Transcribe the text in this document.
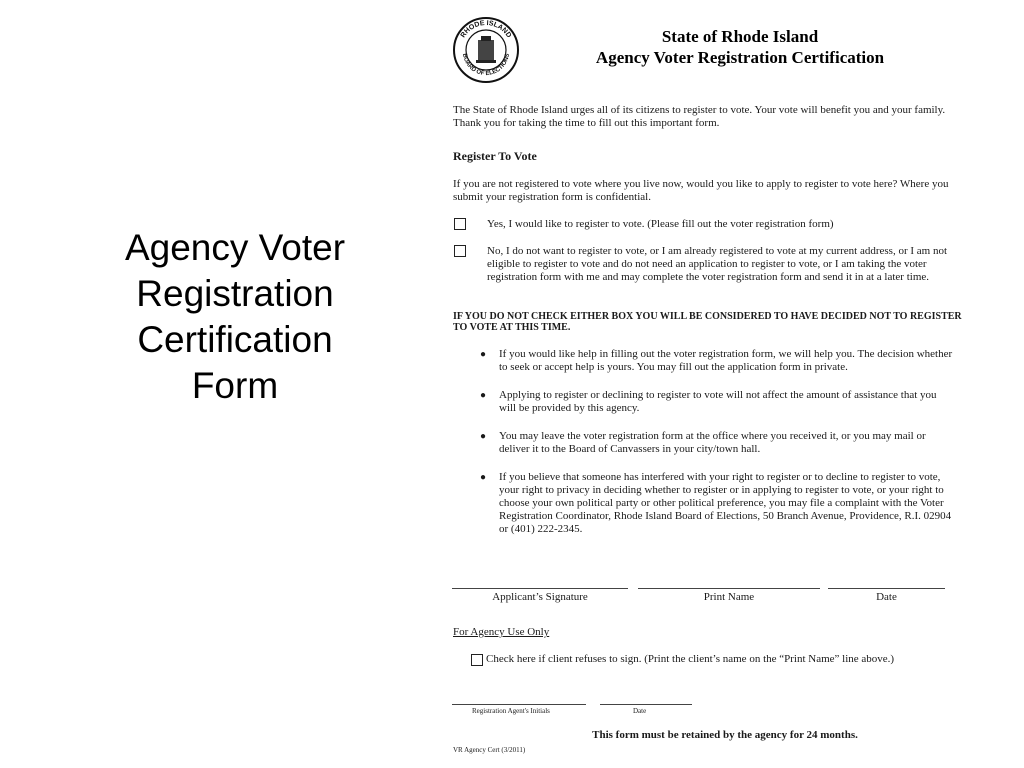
Agency Voter
Registration
Certification
Form
RHODE ISLAND
BOARD OF ELECTIONS
State of Rhode Island
Agency Voter Registration Certification
The State of Rhode Island urges all of its citizens to register to vote. Your vote will benefit you and your family. Thank you for taking the time to fill out this important form.
Register To Vote
If you are not registered to vote where you live now, would you like to apply to register to vote here? Where you submit your registration form is confidential.
Yes, I would like to register to vote. (Please fill out the voter registration form)
No, I do not want to register to vote, or I am already registered to vote at my current address, or I am not eligible to register to vote and do not need an application to register to vote, or I am taking the voter registration form with me and may complete the voter registration form and send it in at a later time.
IF YOU DO NOT CHECK EITHER BOX YOU WILL BE CONSIDERED TO HAVE DECIDED NOT TO REGISTER TO VOTE AT THIS TIME.
● If you would like help in filling out the voter registration form, we will help you. The decision whether to seek or accept help is yours. You may fill out the application form in private.
● Applying to register or declining to register to vote will not affect the amount of assistance that you will be provided by this agency.
● You may leave the voter registration form at the office where you received it, or you may mail or deliver it to the Board of Canvassers in your city/town hall.
● If you believe that someone has interfered with your right to register or to decline to register to vote, your right to privacy in deciding whether to register or in applying to register to vote, or your right to choose your own political party or other political preference, you may file a complaint with the Voter Registration Coordinator, Rhode Island Board of Elections, 50 Branch Avenue, Providence, R.I. 02904 or (401) 222-2345.
Applicant’s Signature	Print Name	Date
For Agency Use Only
Check here if client refuses to sign. (Print the client’s name on the “Print Name” line above.)
Registration Agent's Initials	Date
This form must be retained by the agency for 24 months.
VR Agency Cert (3/2011)
